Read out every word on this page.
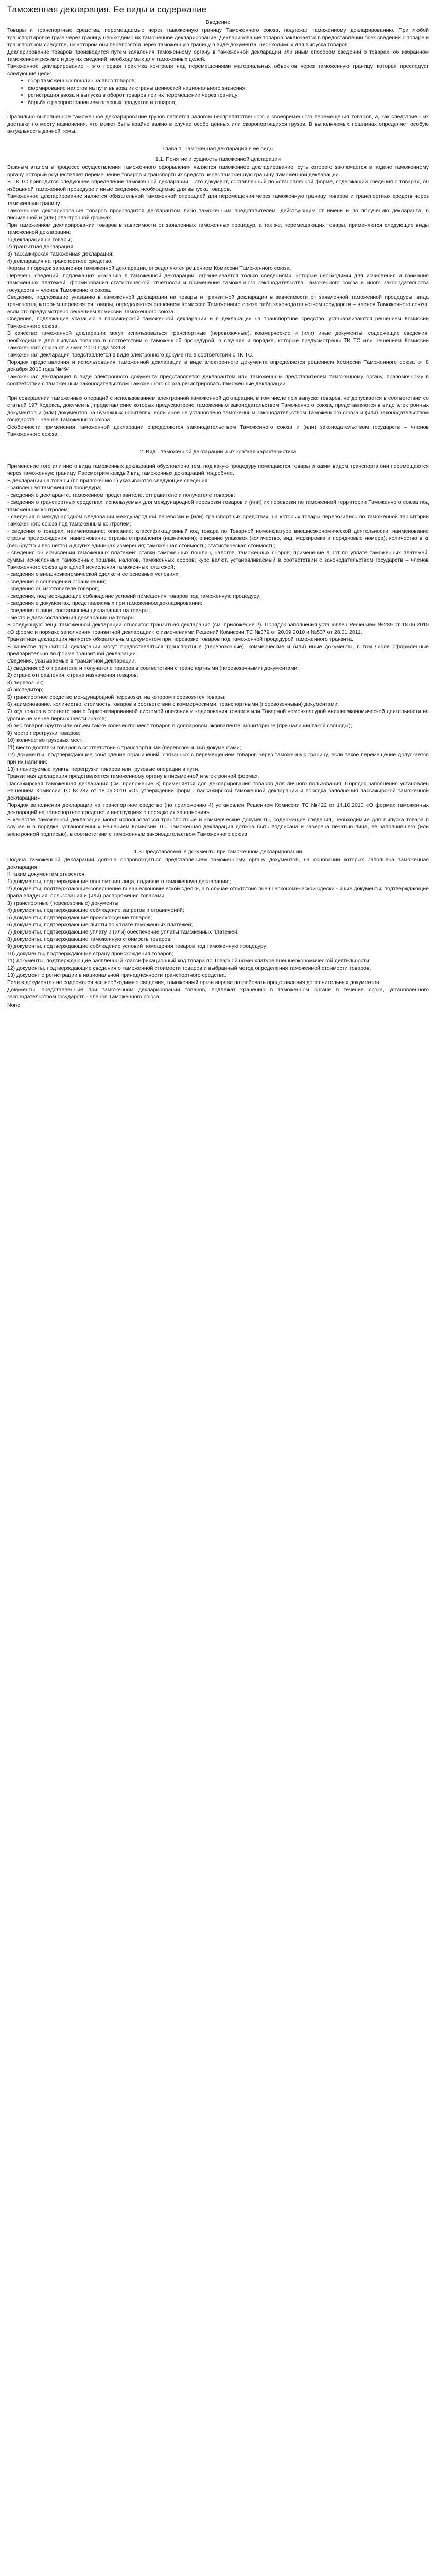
Таможенная декларация. Ее виды и содержание
Введение

Товары и транспортные средства, перемещаемые через таможенную границу Таможенного союза, подлежат таможенному декларированию. При любой транспортировке груза через границу необходимо их таможенное декларирование. Декларирование товаров заключается в предоставлении всех сведений о товаре и транспортном средстве, на котором они перевозятся через таможенную границу в виде документа, необходимых для выпуска товаров.

Декларирование товаров производится путем заявления таможенному органу в таможенной декларации или иным способом сведений о товарах, об избранном таможенном режиме и других сведений, необходимых для таможенных целей.

Таможенное декларирование - это первая практика контроля над перемещениями материальных объектов через таможенную границу, которая преследует следующие цели:

• сбор таможенных пошлин за ввоз товаров;
• формирование налогов на пути вывоза из страны ценностей национального значения;
• регистрация ввоза и выпуска в оборот товаров при их перемещении через границу;
• борьба с распространением опасных продуктов и товаров;

Правильно выполненное таможенное декларирование грузов является залогом беспрепятственного и своевременного перемещения товаров, а, как следствие - их доставки по месту назначения, что может быть крайне важно в случае особо ценных или скоропортящихся грузов. В выполняемых пошлинах определяет особую актуальность данной темы.

Глава 1. Таможенная декларация и ее виды
1.1. Понятие и сущность таможенной декларации

Важным этапом в процессе осуществления таможенного оформления является таможенное декларирование, суть которого заключается в подаче таможенному органу, который осуществляет перемещение товаров и транспортных средств через таможенную границу, таможенной декларации.

В ТК ТС приводится следующее определение таможенной декларации – это документ, составленный по установленной форме, содержащий сведения о товарах, об избранной таможенной процедуре и иные сведения, необходимые для выпуска товаров.

Таможенное декларирование является обязательной таможенной операцией для перемещения через таможенную границу товаров и транспортных средств через таможенную границу.

Таможенное декларирование товаров производится декларантом либо таможенным представителем, действующим от имени и по поручению декларанта, в письменной и (или) электронной формах.

При таможенном декларировании товаров в зависимости от заявленных таможенных процедур, а так же, перемещающих товары, применяются следующие виды таможенной декларации:

1) декларация на товары;

2) транзитная декларация;

3) пассажирская таможенная декларация;

4) декларация на транспортное средство.

Формы и порядок заполнения таможенной декларации, определяются решением Комиссии Таможенного союза.

Перечень сведений, подлежащих указанию в таможенной декларации, ограничивается только сведениями, которые необходимы для исчисления и взимания таможенных платежей, формирования статистической отчетности и применения таможенного законодательства Таможенного союза и иного законодательства государств – членов Таможенного союза.

Сведения, подлежащие указанию в таможенной декларации на товары и транзитной декларации в зависимости от заявленной таможенной процедуры, вида транспорта, которым перевозятся товары, определяются решением Комиссии Таможенного союза либо законодательством государств – членов Таможенного союза, если это предусмотрено решением Комиссии Таможенного союза.

Сведения, подлежащие указанию в пассажирской таможенной декларации и в декларации на транспортное средство, устанавливаются решением Комиссии Таможенного союза.

В качестве таможенной декларации могут использоваться транспортные (перевозочные), коммерческие и (или) иные документы, содержащие сведения, необходимые для выпуска товаров в соответствии с таможенной процедурой, в случаях и порядке, которые предусмотрены ТК ТС или решением Комиссии Таможенного союза от 20 мая 2010 года №263.

Таможенная декларация представляется в виде электронного документа в соответствии с ТК ТС.

Порядок представления и использования таможенной декларации в виде электронного документа определяется решением Комиссии Таможенного союза от 8 декабря 2010 года №494.

Таможенная декларация в виде электронного документа представляется декларантом или таможенным представителем таможенному органу, правомочному в соответствии с таможенным законодательством Таможенного союза регистрировать таможенные декларации.

При совершении таможенных операций с использованием электронной таможенной декларации, в том числе при выпуске товаров, не допускается в соответствии со статьей 197 Кодекса, документы, представление которых предусмотрено таможенным законодательством Таможенного союза, представляются в виде электронных документов и (или) документов на бумажных носителях, если иное не установлено таможенным законодательством Таможенного союза и (или) законодательством государств – членов Таможенного союза.

Особенности применения таможенной декларации определяются законодательством Таможенного союза и (или) законодательством государств – членов Таможенного союза.

2. Виды таможенной декларации и их краткая характеристика

Применение того или иного вида таможенных деклараций обусловлено тем, под какую процедуру помещаются товары и каким видом транспорта они перемещаются через таможенную границу. Рассмотрим каждый вид таможенных деклараций подробнее.

В декларации на товары (по приложению 1) указываются следующие сведения:

- заявленная таможенная процедура;

- сведения о декларанте, таможенном представителе, отправителе и получателе товаров;

- сведения о транспортных средствах, используемых для международной перевозки товаров и (или) их перевозки по таможенной территории Таможенного союза под таможенным контролем;

- сведения о международном следовании международной перевозки и (или) транспортных средствах, на которых товары перевозились по таможенной территории Таможенного союза под таможенным контролем;

- сведения о товарах: наименование; описание; классификационный код товара по Товарной номенклатуре внешнеэкономической деятельности; наименование страны происхождения; наименование страны отправления (назначения); описание упаковок (количество, вид, маркировка и порядковые номера); количество в кг (вес брутто и вес нетто) и других единицах измерения; таможенная стоимость; статистическая стоимость;

- сведения об исчислении таможенных платежей: ставки таможенных пошлин, налогов, таможенных сборов; применение льгот по уплате таможенных платежей; суммы исчисленных таможенных пошлин, налогов, таможенных сборов; курс валют, устанавливаемый в соответствии с законодательством государств – членов Таможенного союза для целей исчисления таможенных платежей;

- сведения о внешнеэкономической сделке и ее основных условиях;

- сведения о соблюдении ограничений;

- сведения об изготовителе товаров;

- сведения, подтверждающие соблюдение условий помещения товаров под таможенную процедуру;

- сведения о документах, представляемых при таможенном декларировании;

- сведения о лице, составившем декларацию на товары;

- место и дата составления декларации на товары.

В следующую вещь таможенной декларации относится транзитная декларация (см. приложение 2). Порядок заполнения установлен Решением №289 от 18.06.2010 «О форме и порядке заполнения транзитной декларации» с изменениями Решений Комиссии ТС №379 от 20.09.2010 и №537 от 28.01.2011.

Транзитная декларация является обязательным документом при перевозке товаров под таможенной процедурой таможенного транзита.

В качестве транзитной декларации могут предоставляться транспортные (перевозочные), коммерческие и (или) иные документы, в том числе оформленные предварительно по форме транзитной декларации.

Сведения, указываемые в транзитной декларации:

1) сведения об отправителе и получателе товаров в соответствии с транспортными (перевозочными) документами;

2) страна отправления, страна назначения товаров;

3) перевозчик;

4) экспедитор;

5) транспортное средство международной перевозки, на котором перевозятся товары;

6) наименование, количество, стоимость товаров в соответствии с коммерческими, транспортными (перевозочными) документами;

7) код товара в соответствии с Гармонизированной системой описания и кодирования товаров или Товарной номенклатурой внешнеэкономической деятельности на уровне не менее первых шести знаков;

8) вес товаров брутто или объем также количество мест товаров в долларовом эквиваленте, мониторинге (при наличии такой свободы);

9) место перегрузки товаров;

10) количество грузовых мест;

11) место доставки товаров в соответствии с транспортными (перевозочными) документами;

12) документы, подтверждающие соблюдение ограничений, связанных с перемещением товаров через таможенную границу, если такое перемещение допускается при их наличии;

13) планируемые пункты перегрузки товаров или грузовые операции в пути.

Транзитная декларация представляется таможенному органу в письменной и электронной формах.

Пассажирская таможенная декларация (см. приложение 3) применяется для декларирования товаров для личного пользования. Порядок заполнения установлен Решением Комиссии ТС №287 от 18.06.2010 «Об утверждении формы пассажирской таможенной декларации и порядка заполнения пассажирской таможенной декларации».

Порядок заполнения декларации на транспортное средство (по приложению 4) установлен Решением Комиссии ТС №422 от 14.10.2010 «О формах таможенных деклараций на транспортное средство и инструкциях о порядке их заполнения».

В качестве таможенной декларации могут использоваться транспортные и коммерческие документы, содержащие сведения, необходимые для выпуска товара в случае и в порядке, установленных Решением Комиссии ТС. Таможенная декларация должна быть подписана и заверена печатью лица, ее заполнившего (или электронной подписью), в соответствии с таможенным законодательством Таможенного союза.

1.3 Представляемые документы при таможенном декларировании

Подача таможенной декларации должна сопровождаться представлением таможенному органу документов, на основании которых заполнена таможенная декларация.

К таким документам относятся:

1) документы, подтверждающие полномочия лица, подавшего таможенную декларацию;

2) документы, подтверждающие совершение внешнеэкономической сделки, а в случае отсутствия внешнеэкономической сделки - иные документы, подтверждающие права владения, пользования и (или) распоряжения товарами;

3) транспортные (перевозочные) документы;

4) документы, подтверждающие соблюдение запретов и ограничений;

5) документы, подтверждающие происхождение товаров;

6) документы, подтверждающие льготы по уплате таможенных платежей;

7) документы, подтверждающие уплату и (или) обеспечение уплаты таможенных платежей;

8) документы, подтверждающие таможенную стоимость товаров;

9) документы, подтверждающие соблюдение условий помещения товаров под таможенную процедуру;

10) документы, подтверждающие страну происхождения товаров;

11) документы, подтверждающие заявленный классификационный код товара по Товарной номенклатуре внешнеэкономической деятельности;

12) документы, подтверждающие сведения о таможенной стоимости товаров и выбранный метод определения таможенной стоимости товаров.

13) документ о регистрации в национальной принадлежности транспортного средства.

Если в документах не содержатся все необходимые сведения, таможенный орган вправе потребовать представления дополнительных документов.

Документы, представленные при таможенном декларировании товаров, подлежат хранению в таможенном органе в течение срока, установленного законодательством государств - членов Таможенного союза.

None
